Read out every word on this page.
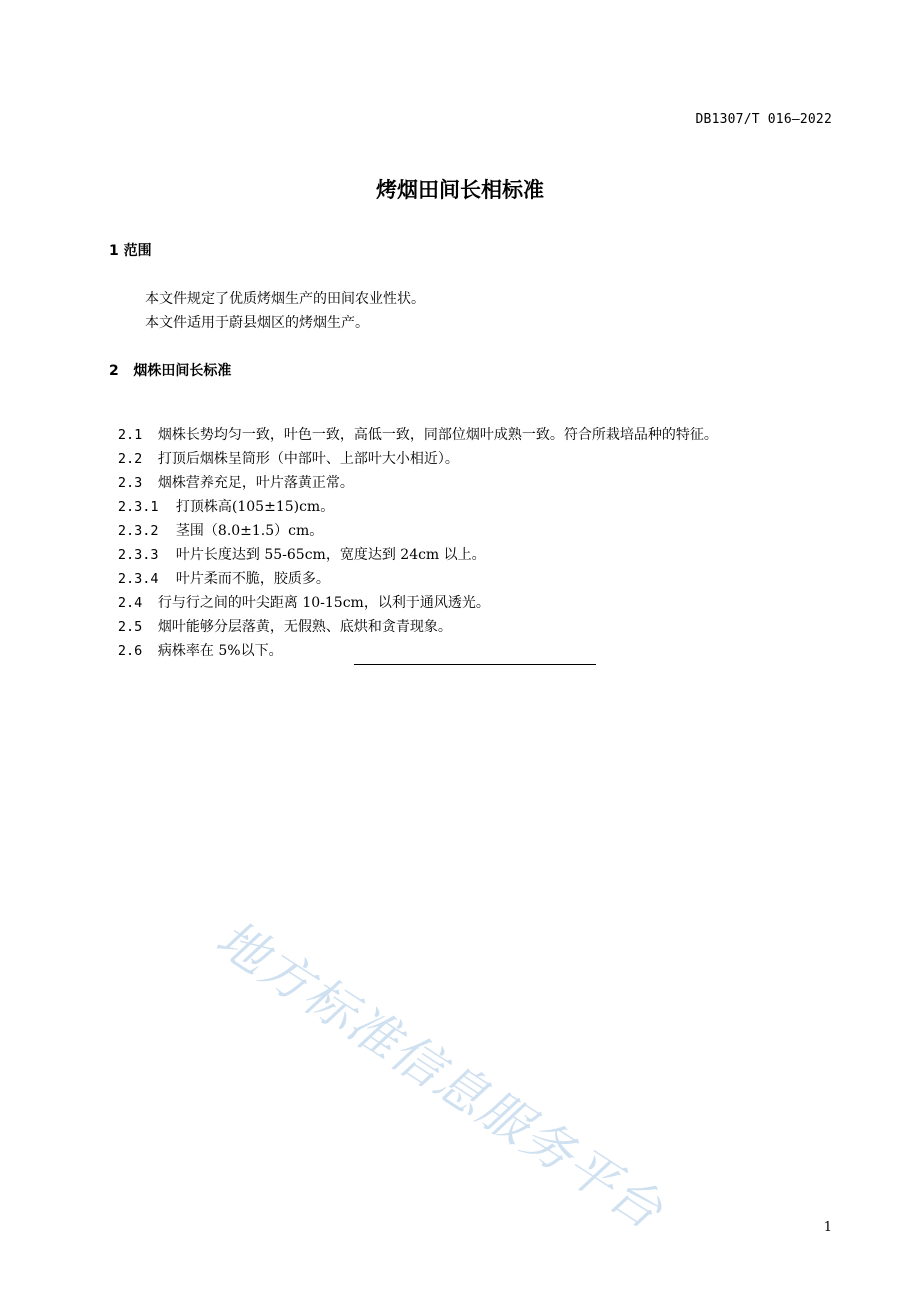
DB1307/T 016—2022
烤烟田间长相标准
1 范围
本文件规定了优质烤烟生产的田间农业性状。
本文件适用于蔚县烟区的烤烟生产。
2   烟株田间长标准

2.1 烟株长势均匀一致，叶色一致，高低一致，同部位烟叶成熟一致。符合所栽培品种的特征。

2.2 打顶后烟株呈筒形（中部叶、上部叶大小相近）。

2.3 烟株营养充足，叶片落黄正常。

2.3.1 打顶株高(105±15)cm。

2.3.2 茎围（8.0±1.5）cm。

2.3.3 叶片长度达到 55-65cm，宽度达到 24cm 以上。

2.3.4 叶片柔而不脆，胶质多。

2.4 行与行之间的叶尖距离 10-15cm，以利于通风透光。

2.5 烟叶能够分层落黄，无假熟、底烘和贪青现象。

2.6 病株率在 5%以下。

地方标准信息服务平台	1
